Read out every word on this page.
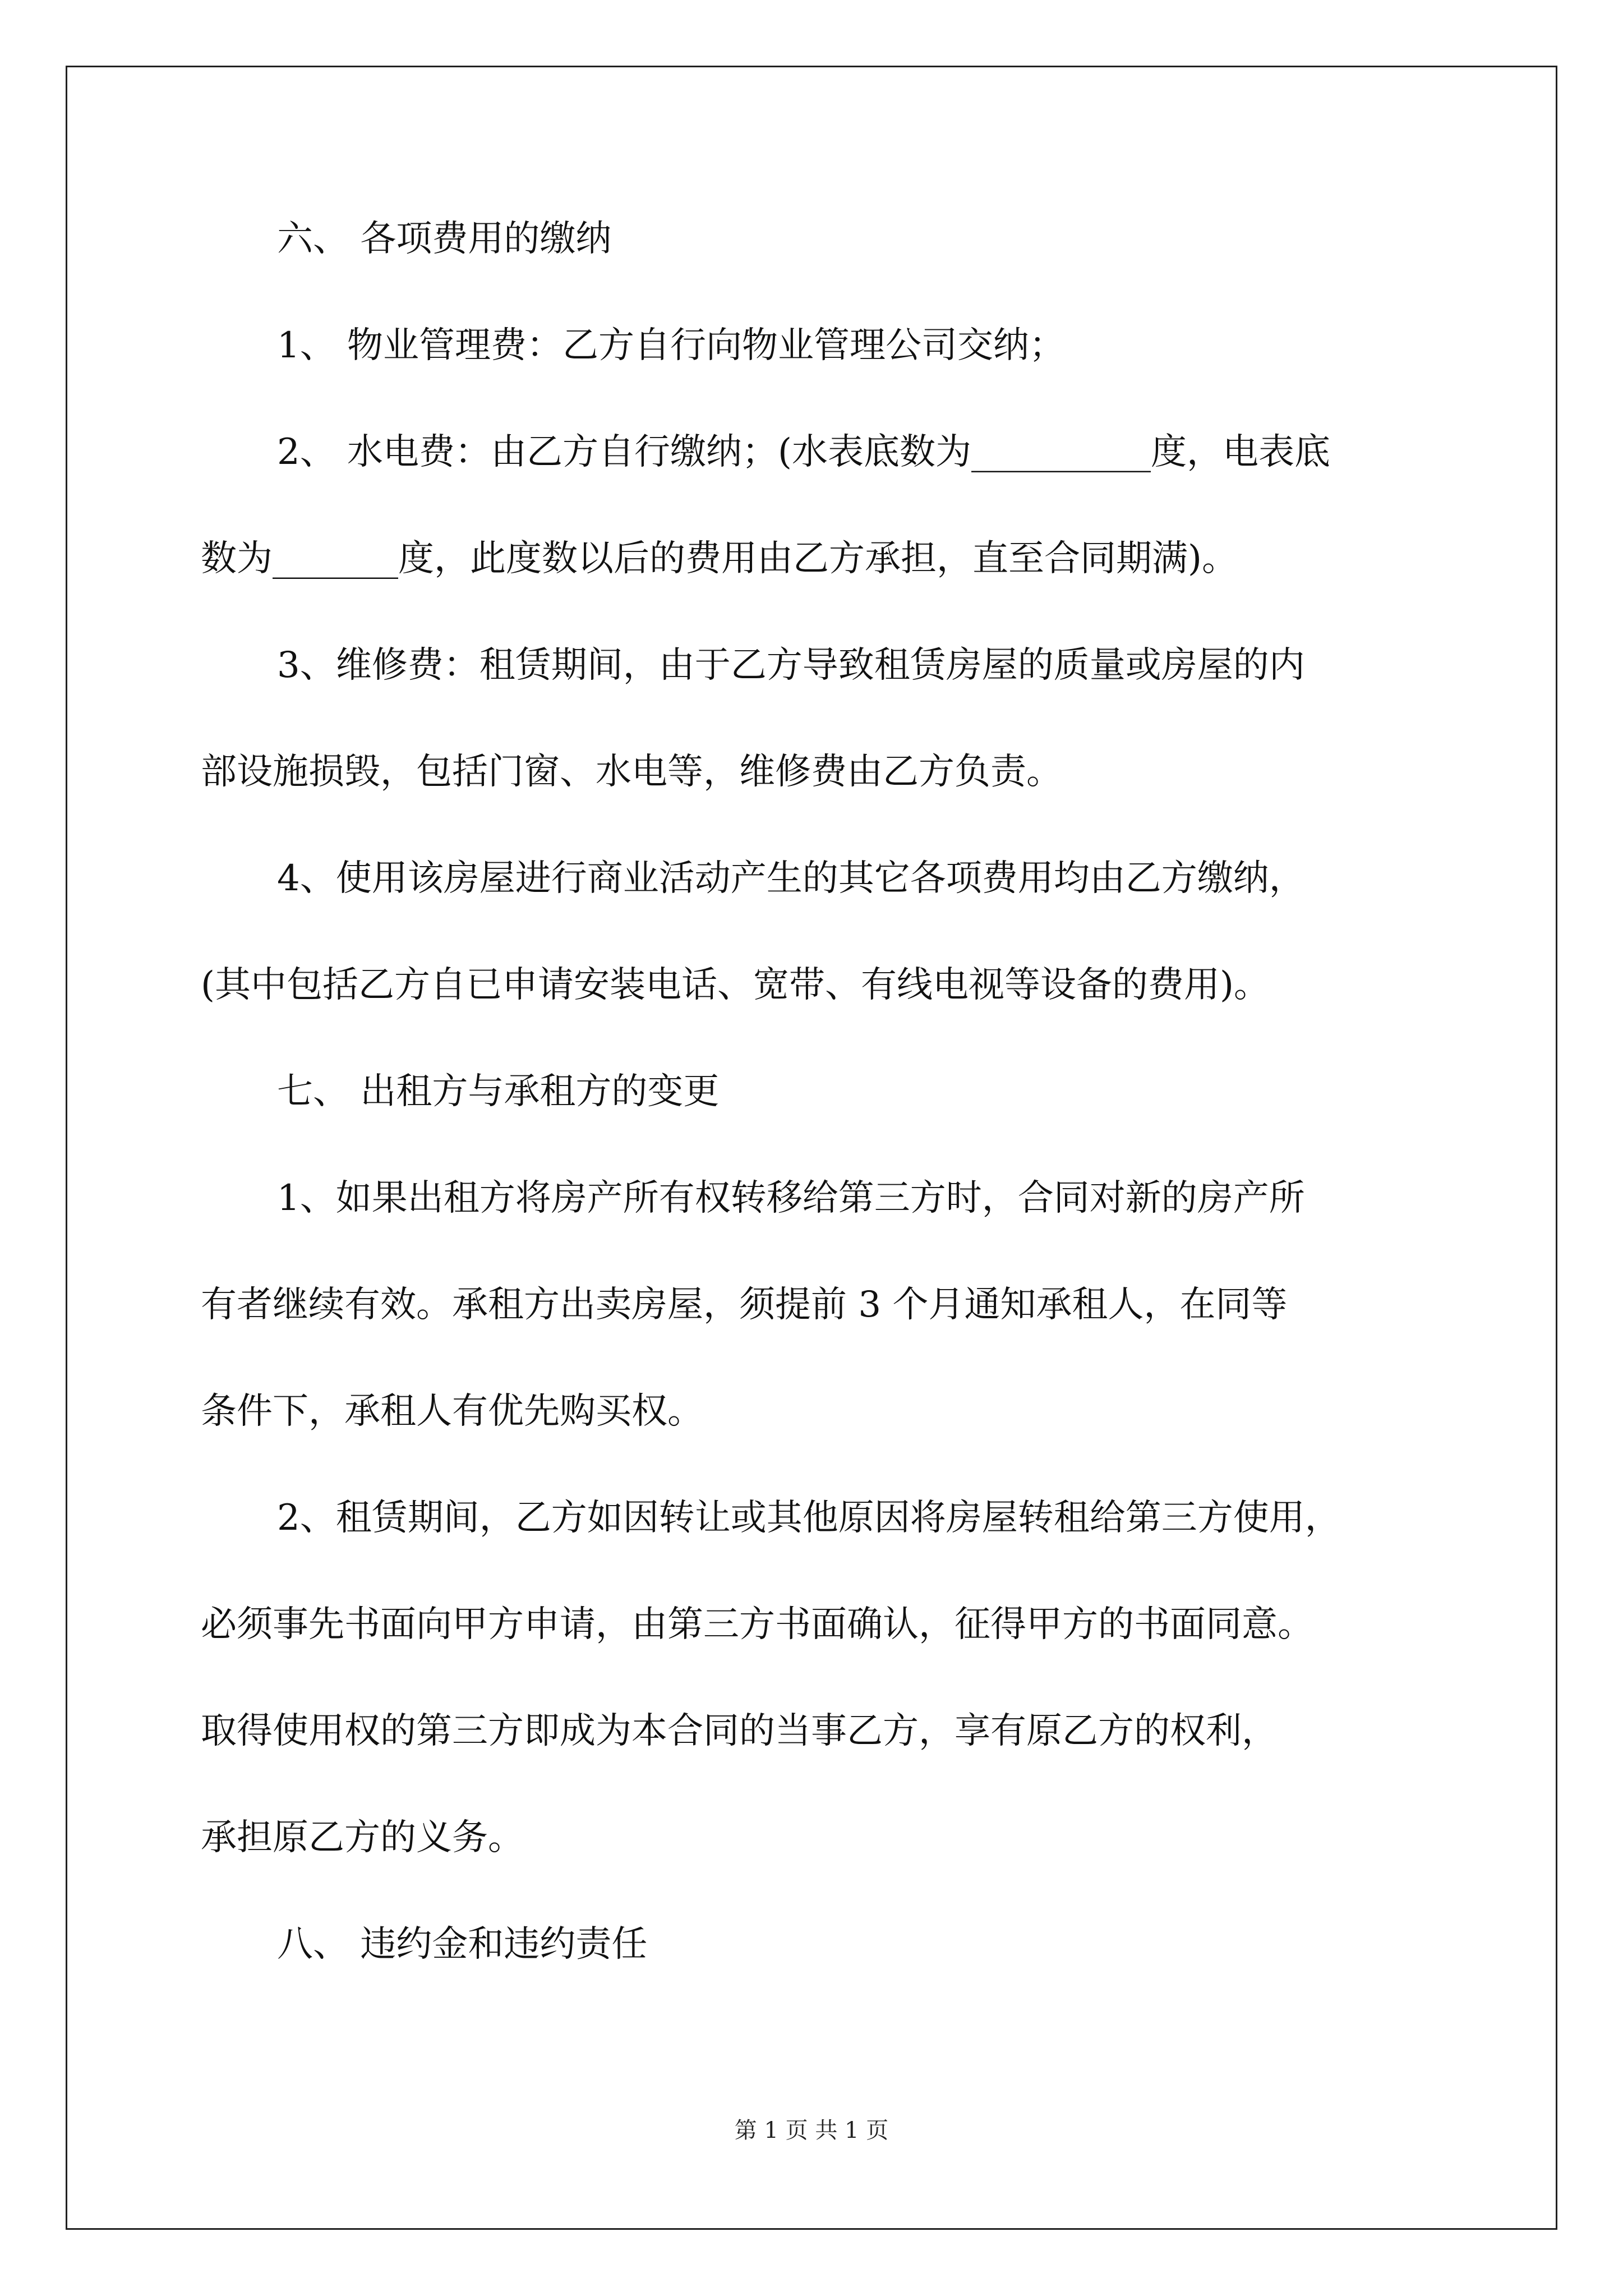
六、 各项费用的缴纳
1、 物业管理费：乙方自行向物业管理公司交纳；
2、 水电费：由乙方自行缴纳；(水表底数为__________度，电表底
数为_______度，此度数以后的费用由乙方承担，直至合同期满)。
3、维修费：租赁期间，由于乙方导致租赁房屋的质量或房屋的内
部设施损毁，包括门窗、水电等，维修费由乙方负责。
4、使用该房屋进行商业活动产生的其它各项费用均由乙方缴纳，
(其中包括乙方自已申请安装电话、宽带、有线电视等设备的费用)。
七、 出租方与承租方的变更
1、如果出租方将房产所有权转移给第三方时，合同对新的房产所
有者继续有效。承租方出卖房屋，须提前 3 个月通知承租人，在同等
条件下，承租人有优先购买权。
2、租赁期间，乙方如因转让或其他原因将房屋转租给第三方使用，
必须事先书面向甲方申请，由第三方书面确认，征得甲方的书面同意。
取得使用权的第三方即成为本合同的当事乙方，享有原乙方的权利，
承担原乙方的义务。
八、 违约金和违约责任
第 1 页 共 1 页
